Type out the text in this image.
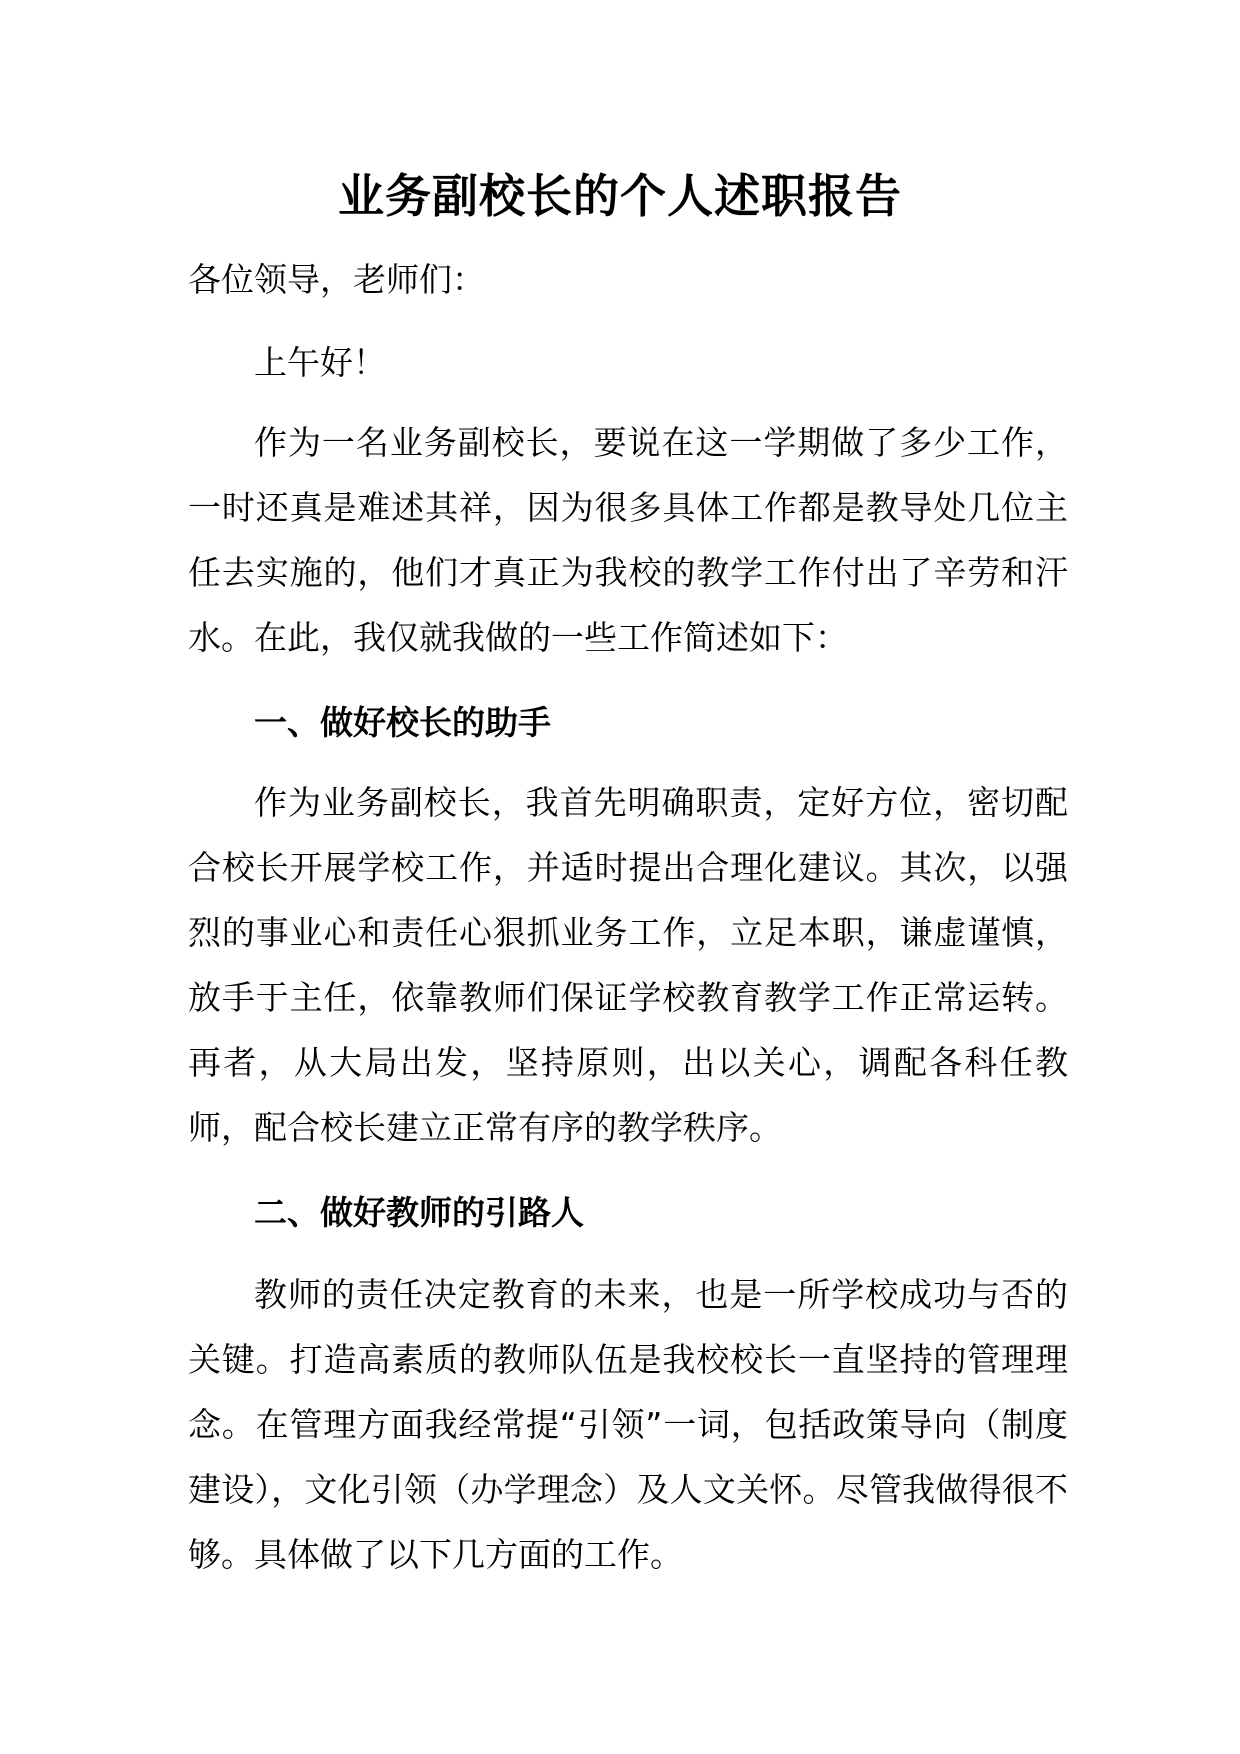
业务副校长的个人述职报告

各位领导，老师们：

上午好！

作为一名业务副校长，要说在这一学期做了多少工作，一时还真是难述其祥，因为很多具体工作都是教导处几位主任去实施的，他们才真正为我校的教学工作付出了辛劳和汗水。在此，我仅就我做的一些工作简述如下：

一、做好校长的助手

作为业务副校长，我首先明确职责，定好方位，密切配合校长开展学校工作，并适时提出合理化建议。其次，以强烈的事业心和责任心狠抓业务工作，立足本职，谦虚谨慎，放手于主任，依靠教师们保证学校教育教学工作正常运转。再者，从大局出发，坚持原则，出以关心，调配各科任教师，配合校长建立正常有序的教学秩序。

二、做好教师的引路人

教师的责任决定教育的未来，也是一所学校成功与否的关键。打造高素质的教师队伍是我校校长一直坚持的管理理念。在管理方面我经常提“引领”一词，包括政策导向（制度建设），文化引领（办学理念）及人文关怀。尽管我做得很不够。具体做了以下几方面的工作。
